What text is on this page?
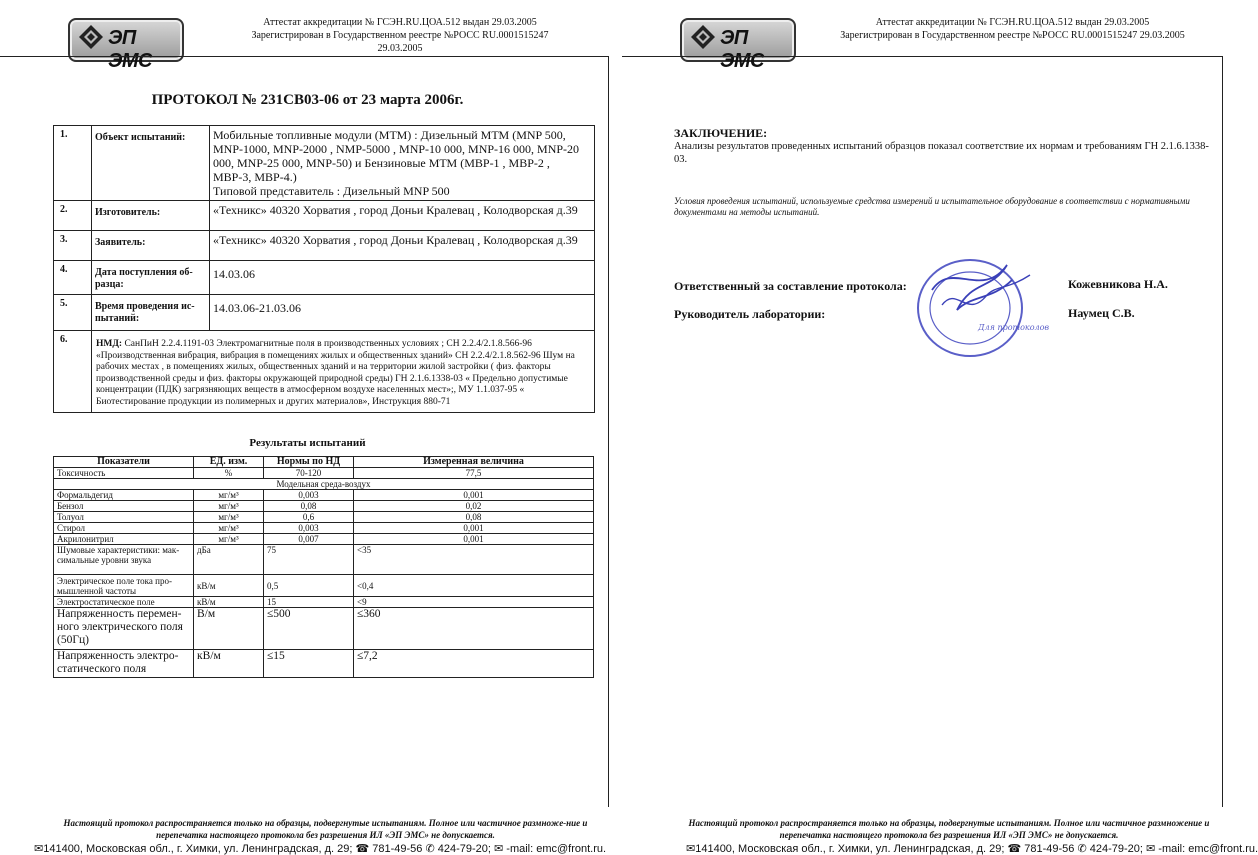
ЭП ЭМС
Аттестат аккредитации № ГСЭН.RU.ЦОА.512 выдан 29.03.2005
Зарегистрирован в Государственном реестре №РОСС RU.0001515247 29.03.2005
ПРОТОКОЛ № 231СВ03-06 от 23 марта 2006г.
1.	Объект испытаний:	Мобильные топливные модули (МТМ) : Дизельный МТМ (MNP 500, MNP-1000, MNP-2000 , NMP-5000 , MNP-10 000, MNP-16 000, MNP-20 000, MNP-25 000, MNP-50) и Бензиновые МТМ (МВР-1 , МВР-2 , МВР-3, МВР-4.)
Типовой представитель : Дизельный MNP 500

2.	Изготовитель:	«Техникс» 40320 Хорватия , город Доньи Кралевац , Колодворская д.39
3.	Заявитель:	«Техникс» 40320 Хорватия , город Доньи Кралевац , Колодворская д.39
4.	Дата поступления об-разца:	14.03.06
5.	Время проведения ис-пытаний:	14.03.06-21.03.06
6.	НМД: СанПиН 2.2.4.1191-03 Электромагнитные поля в производственных условиях ; СН 2.2.4/2.1.8.566-96 «Производственная вибрация, вибрация в помещениях жилых и общественных зданий» СН 2.2.4/2.1.8.562-96 Шум на рабочих местах , в помещениях жилых, общественных зданий и на территории жилой застройки ( физ. факторы производственной среды и физ. факторы окружающей природной среды) ГН 2.1.6.1338-03 « Предельно допустимые концентрации (ПДК) загрязняющих веществ в атмосферном воздухе населенных мест»;, МУ 1.1.037-95 « Биотестирование продукции из полимерных и других материалов», Инструкция 880-71	
Результаты испытаний
Показатели	ЕД. изм.	Нормы по НД	Измеренная величина
Токсичность	%	70-120	77,5
Модельная среда-воздух			
Формальдегид	мг/м³	0,003	0,001
Бензол	мг/м³	0,08	0,02
Толуол	мг/м³	0,6	0,08
Стирол	мг/м³	0,003	0,001
Акрилонитрил	мг/м³	0,007	0,001
Шумовые характеристики: мак-симальные уровни звука	дБа	75	<35
Электрическое поле тока про-мышленной частоты	кВ/м	0,5	<0,4
Электростатическое поле	кВ/м	15	<9
Напряженность перемен-ного электрического поля (50Гц)	В/м	≤500	≤360
Напряженность электро-статического поля	кВ/м	≤15	≤7,2
Настоящий протокол распространяется только на образцы, подвергнутые испытаниям. Полное или частичное размноже-ние и перепечатка настоящего протокола без разрешения ИЛ «ЭП ЭМС» не допускается.
✉141400, Московская обл., г. Химки, ул. Ленинградская, д. 29; ☎ 781-49-56 ✆ 424-79-20; ✉ -mail: emc@front.ru.
ЭП ЭМС
Аттестат аккредитации № ГСЭН.RU.ЦОА.512 выдан 29.03.2005
Зарегистрирован в Государственном реестре №РОСС RU.0001515247 29.03.2005
ЗАКЛЮЧЕНИЕ:
Анализы результатов проведенных испытаний образцов показал соответствие их нормам и требованиям ГН 2.1.6.1338-03.
Условия проведения испытаний, используемые средства измерений и испытательное оборудование в соответствии с нормативными документами на методы испытаний.
Ответственный за составление протокола:	Кожевникова Н.А.
Руководитель лаборатории:	Наумец С.В.
Для протоколов
Настоящий протокол распространяется только на образцы, подвергнутые испытаниям. Полное или частичное размножение и перепечатка настоящего протокола без разрешения ИЛ «ЭП ЭМС» не допускается.
✉141400, Московская обл., г. Химки, ул. Ленинградская, д. 29; ☎ 781-49-56 ✆ 424-79-20; ✉ -mail: emc@front.ru.
